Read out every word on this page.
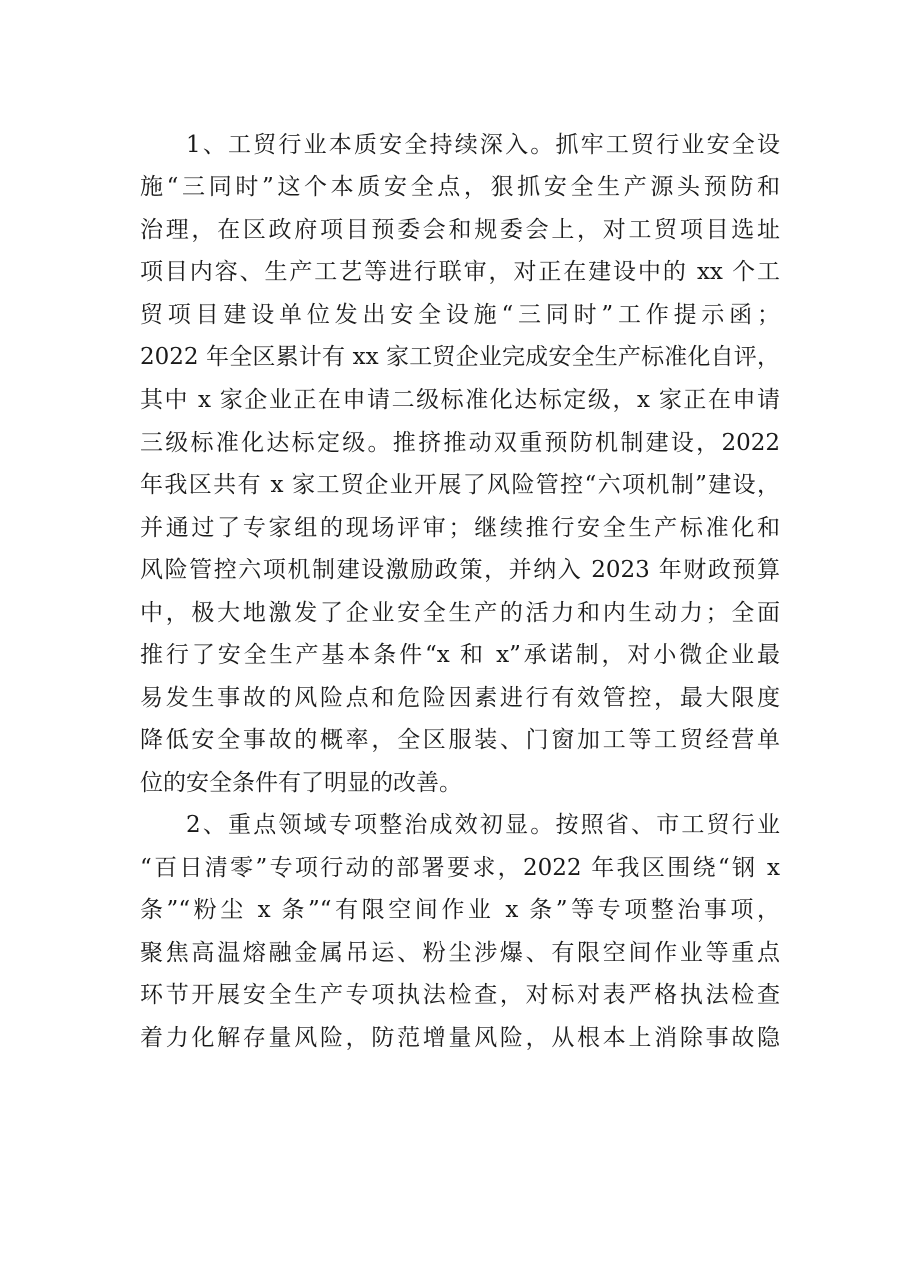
1、工贸行业本质安全持续深入。抓牢工贸行业安全设
施“三同时”这个本质安全点，狠抓安全生产源头预防和
治理，在区政府项目预委会和规委会上，对工贸项目选址
项目内容、生产工艺等进行联审，对正在建设中的 xx 个工
贸项目建设单位发出安全设施“三同时”工作提示函；
2022 年全区累计有 xx 家工贸企业完成安全生产标准化自评，
其中 x 家企业正在申请二级标准化达标定级，x 家正在申请
三级标准化达标定级。推挤推动双重预防机制建设，2022
年我区共有 x 家工贸企业开展了风险管控“六项机制”建设，
并通过了专家组的现场评审；继续推行安全生产标准化和
风险管控六项机制建设激励政策，并纳入 2023 年财政预算
中，极大地激发了企业安全生产的活力和内生动力；全面
推行了安全生产基本条件“x 和 x”承诺制，对小微企业最
易发生事故的风险点和危险因素进行有效管控，最大限度
降低安全事故的概率，全区服装、门窗加工等工贸经营单
位的安全条件有了明显的改善。
2、重点领域专项整治成效初显。按照省、市工贸行业
“百日清零”专项行动的部署要求，2022 年我区围绕“钢 x
条”“粉尘 x 条”“有限空间作业 x 条”等专项整治事项，
聚焦高温熔融金属吊运、粉尘涉爆、有限空间作业等重点
环节开展安全生产专项执法检查，对标对表严格执法检查
着力化解存量风险，防范增量风险，从根本上消除事故隐
